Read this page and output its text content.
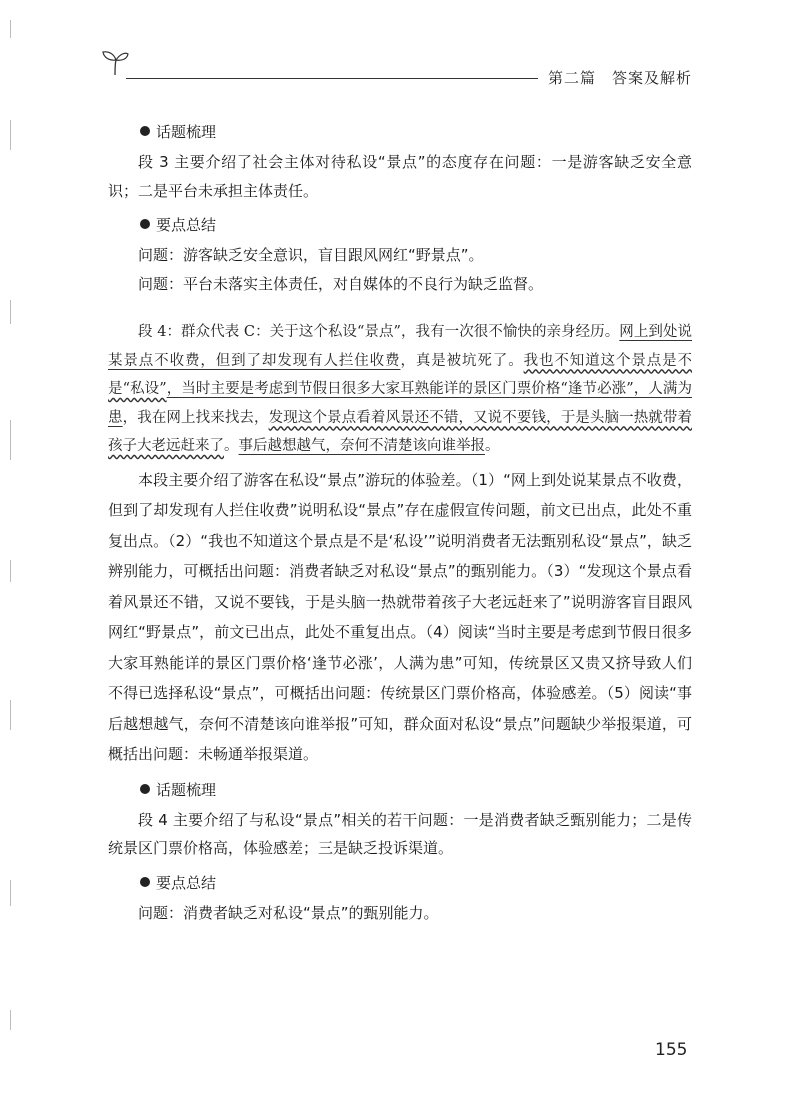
第二篇 答案及解析
话题梳理

段 3 主要介绍了社会主体对待私设“景点”的态度存在问题：一是游客缺乏安全意识；二是平台未承担主体责任。

要点总结

问题：游客缺乏安全意识，盲目跟风网红“野景点”。

问题：平台未落实主体责任，对自媒体的不良行为缺乏监督。

段 4：群众代表 C：关于这个私设“景点”，我有一次很不愉快的亲身经历。网上到处说某景点不收费，但到了却发现有人拦住收费，真是被坑死了。我也不知道这个景点是不是“私设”，当时主要是考虑到节假日很多大家耳熟能详的景区门票价格“逢节必涨”，人满为患，我在网上找来找去，发现这个景点看着风景还不错，又说不要钱，于是头脑一热就带着孩子大老远赶来了。事后越想越气，奈何不清楚该向谁举报。

本段主要介绍了游客在私设“景点”游玩的体验差。（1）“网上到处说某景点不收费，但到了却发现有人拦住收费”说明私设“景点”存在虚假宣传问题，前文已出点，此处不重复出点。（2）“我也不知道这个景点是不是‘私设’”说明消费者无法甄别私设“景点”，缺乏辨别能力，可概括出问题：消费者缺乏对私设“景点”的甄别能力。（3）“发现这个景点看着风景还不错，又说不要钱，于是头脑一热就带着孩子大老远赶来了”说明游客盲目跟风网红“野景点”，前文已出点，此处不重复出点。（4）阅读“当时主要是考虑到节假日很多大家耳熟能详的景区门票价格‘逢节必涨’，人满为患”可知，传统景区又贵又挤导致人们不得已选择私设“景点”，可概括出问题：传统景区门票价格高，体验感差。（5）阅读“事后越想越气，奈何不清楚该向谁举报”可知，群众面对私设“景点”问题缺少举报渠道，可概括出问题：未畅通举报渠道。

话题梳理

段 4 主要介绍了与私设“景点”相关的若干问题：一是消费者缺乏甄别能力；二是传统景区门票价格高，体验感差；三是缺乏投诉渠道。

要点总结

问题：消费者缺乏对私设“景点”的甄别能力。

155
